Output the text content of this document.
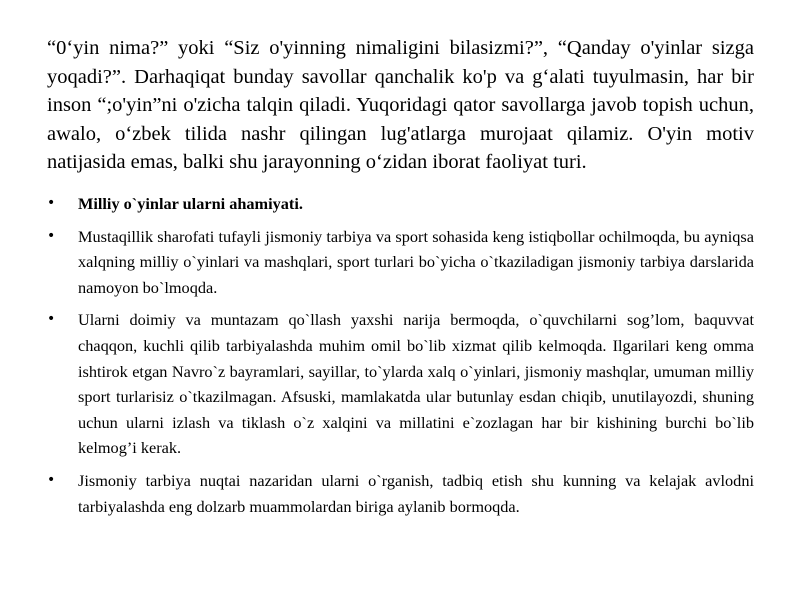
“0‘yin nima?” yoki “Siz o'yinning nimaligini bilasizmi?”, “Qanday o'yinlar sizga yoqadi?”. Darhaqiqat bunday savollar qanchalik ko'p va g‘alati tuyulmasin, har bir inson “;o'yin”ni o'zicha talqin qiladi. Yuqoridagi qator savollarga javob topish uchun, awalo, o‘zbek tilida nashr qilingan lug'atlarga murojaat qilamiz. O'yin motiv natijasida emas, balki shu jarayonning o‘zidan iborat faoliyat turi.

• Milliy o`yinlar ularni ahamiyati.
• Mustaqillik sharofati tufayli jismoniy tarbiya va sport sohasida keng istiqbollar ochilmoqda, bu ayniqsa xalqning milliy o`yinlari va mashqlari, sport turlari bo`yicha o`tkaziladigan jismoniy tarbiya darslarida namoyon bo`lmoqda.
• Ularni doimiy va muntazam qo`llash yaxshi narija bermoqda, o`quvchilarni sog’lom, baquvvat chaqqon, kuchli qilib tarbiyalashda muhim omil bo`lib xizmat qilib kelmoqda. Ilgarilari keng omma ishtirok etgan Navro`z bayramlari, sayillar, to`ylarda xalq o`yinlari, jismoniy mashqlar, umuman milliy sport turlarisiz o`tkazilmagan. Afsuski, mamlakatda ular butunlay esdan chiqib, unutilayozdi, shuning uchun ularni izlash va tiklash o`z xalqini va millatini e`zozlagan har bir kishining burchi bo`lib kelmog’i kerak.
• Jismoniy tarbiya nuqtai nazaridan ularni o`rganish, tadbiq etish shu kunning va kelajak avlodni tarbiyalashda eng dolzarb muammolardan biriga aylanib bormoqda.
